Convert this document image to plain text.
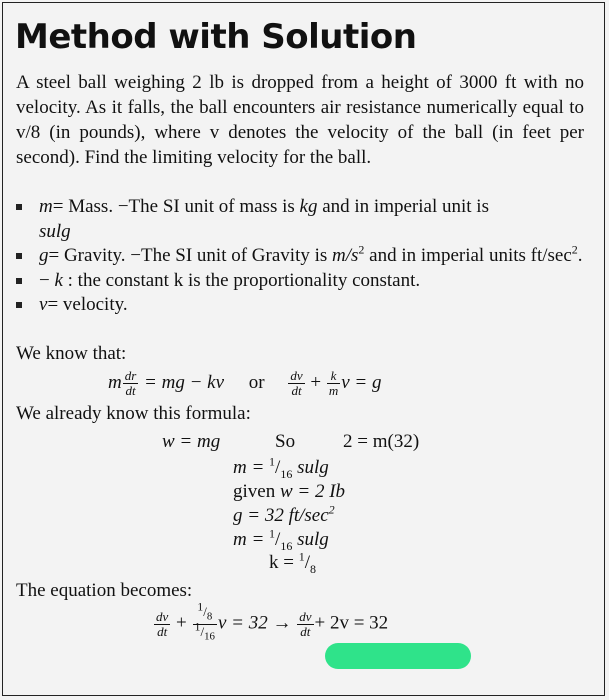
Method with Solution
A steel ball weighing 2 lb is dropped from a height of 3000 ft with no velocity. As it falls, the ball encounters air resistance numerically equal to v/8 (in pounds), where v denotes the velocity of the ball (in feet per second). Find the limiting velocity for the ball.
m= Mass. −The SI unit of mass is kg and in imperial unit is
sulg
g= Gravity. −The SI unit of Gravity is $m/s^2$ and in imperial units $ft/\sec^2$.
− k : the constant k is the proportionality constant.
v= velocity.
We know that:
m $\frac{dr}{dt}$ = mg − kv or $\frac{dv}{dt} + \frac{k}{m}$ v = g
We already know this formula:
w = mg	So	2 = m(32)
$m = ^1/_{16}$ sulg
given w = 2 Ib
g = 32 $ft/\sec^2$
$m = ^1/_{16}$ sulg
$k = ^1/_8$
The equation becomes:
$\frac{dv}{dt} + \frac{^1/_8}{^1/_{16}}$ $v = 32 \to \frac{dv}{dt} + 2v = 32$
